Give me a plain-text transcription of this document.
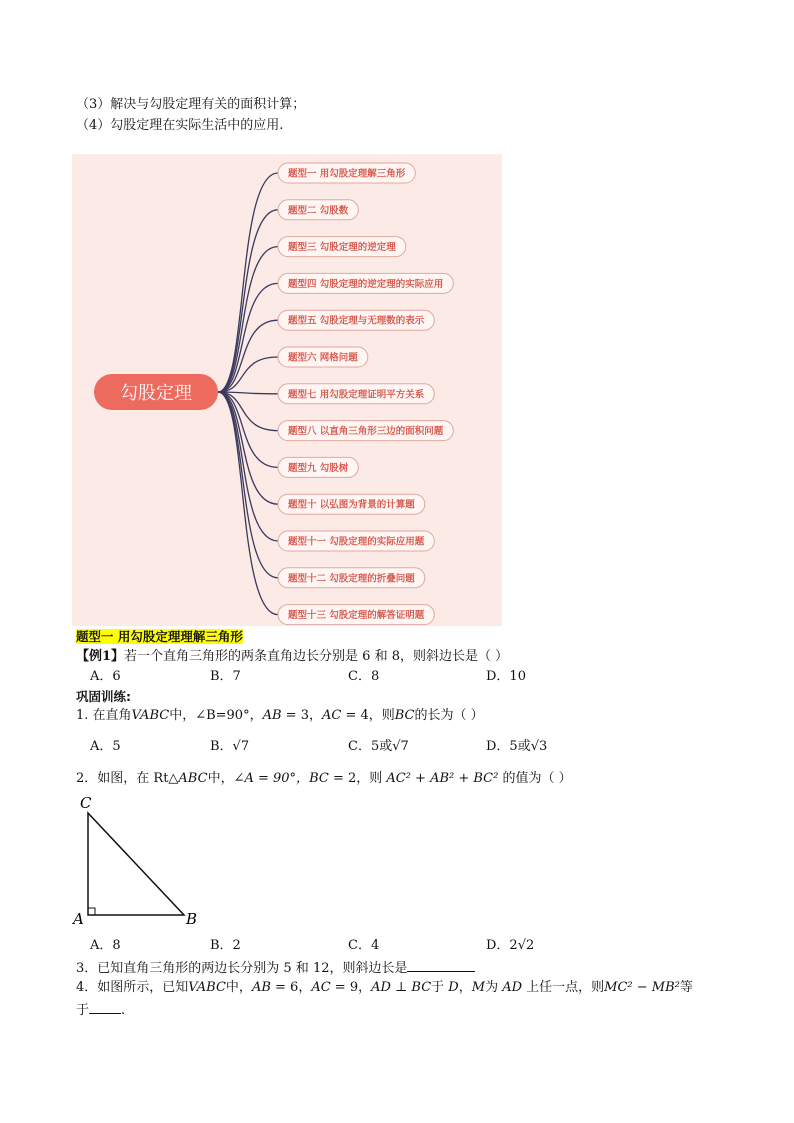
（3）解决与勾股定理有关的面积计算；
（4）勾股定理在实际生活中的应用.
题型一 用勾股定理解三角形
题型二 勾股数
题型三 勾股定理的逆定理
题型四 勾股定理的逆定理的实际应用
题型五 勾股定理与无理数的表示
题型六 网格问题
题型七 用勾股定理证明平方关系
题型八 以直角三角形三边的面积问题
题型九 勾股树
题型十 以弘图为背景的计算题
题型十一 勾股定理的实际应用题
题型十二 勾股定理的折叠问题
题型十三 勾股定理的解答证明题
勾股定理
题型一 用勾股定理理解三角形
【例1】若一个直角三角形的两条直角边长分别是 6 和 8，则斜边长是（ ）
A．6	B．7	C．8	D．10
巩固训练:
1. 在直角VABC中，∠B=90°，AB = 3，AC = 4，则BC的长为（ ）
A．5	B．√7	C．5或√7	D．5或√3
2．如图，在 Rt△ABC中，∠A = 90°，BC = 2，则 AC² + AB² + BC² 的值为（ ）
C
A	B
A．8	B．2	C．4	D．2√2
3．已知直角三角形的两边长分别为 5 和 12，则斜边长是
4．如图所示，已知VABC中，AB = 6，AC = 9，AD ⊥ BC于 D，M为 AD 上任一点，则MC² − MB²等
于 .
